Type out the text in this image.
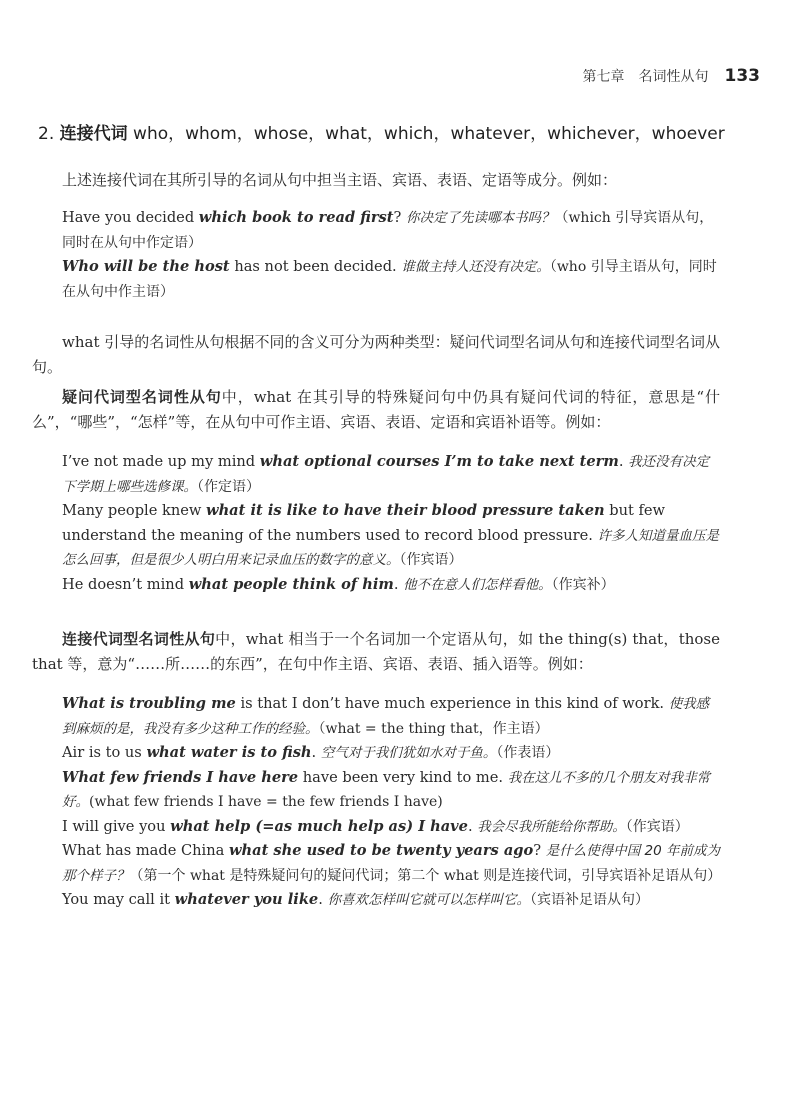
第七章　名词性从句 133
2. 连接代词 who，whom，whose，what，which，whatever，whichever，whoever
上述连接代词在其所引导的名词从句中担当主语、宾语、表语、定语等成分。例如：

Have you decided which book to read first? 你决定了先读哪本书吗？（which 引导宾语从句，同时在从句中作定语）

Who will be the host has not been decided. 谁做主持人还没有决定。（who 引导主语从句，同时在从句中作主语）

what 引导的名词性从句根据不同的含义可分为两种类型：疑问代词型名词从句和连接代词型名词从句。
疑问代词型名词性从句中，what 在其引导的特殊疑问句中仍具有疑问代词的特征，意思是“什么”，“哪些”，“怎样”等，在从句中可作主语、宾语、表语、定语和宾语补语等。例如：

I’ve not made up my mind what optional courses I’m to take next term. 我还没有决定下学期上哪些选修课。（作定语）

Many people knew what it is like to have their blood pressure taken but few understand the meaning of the numbers used to record blood pressure. 许多人知道量血压是怎么回事，但是很少人明白用来记录血压的数字的意义。（作宾语）

He doesn’t mind what people think of him. 他不在意人们怎样看他。（作宾补）

连接代词型名词性从句中，what 相当于一个名词加一个定语从句，如 the thing(s) that，those that 等，意为“……所……的东西”，在句中作主语、宾语、表语、插入语等。例如：

What is troubling me is that I don’t have much experience in this kind of work. 使我感到麻烦的是，我没有多少这种工作的经验。（what = the thing that，作主语）

Air is to us what water is to fish. 空气对于我们犹如水对于鱼。（作表语）

What few friends I have here have been very kind to me. 我在这儿不多的几个朋友对我非常好。(what few friends I have = the few friends I have)

I will give you what help (=as much help as) I have. 我会尽我所能给你帮助。（作宾语）

What has made China what she used to be twenty years ago? 是什么使得中国 20 年前成为那个样子？（第一个 what 是特殊疑问句的疑问代词；第二个 what 则是连接代词，引导宾语补足语从句）

You may call it whatever you like. 你喜欢怎样叫它就可以怎样叫它。（宾语补足语从句）
